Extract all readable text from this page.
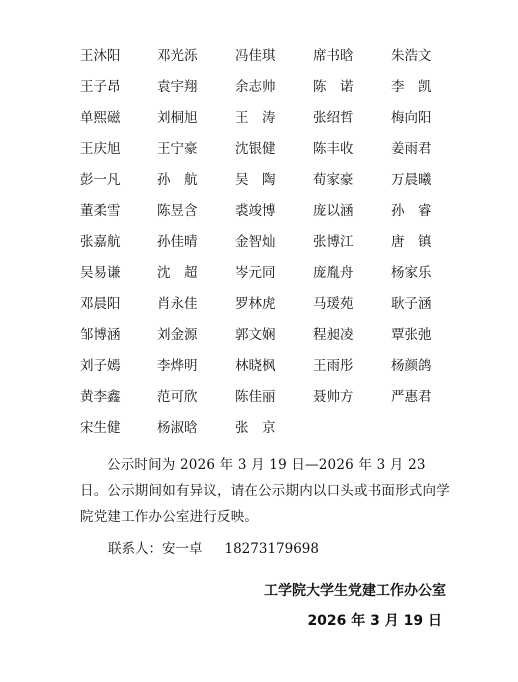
王沐阳	邓光泺	冯佳琪	席书晗	朱浩文
王子昂	袁宇翔	余志帅	陈　诺	李　凯
单熙磁	刘桐旭	王　涛	张绍哲	梅向阳
王庆旭	王宁豪	沈银健	陈丰收	姜雨君
彭一凡	孙　航	吴　陶	荀家豪	万晨曦
董柔雪	陈昱含	裘竣博	庞以涵	孙　睿
张嘉航	孙佳晴	金智灿	张博江	唐　镇
吴易谦	沈　超	岑元同	庞胤舟	杨家乐
邓晨阳	肖永佳	罗林虎	马瑗苑	耿子涵
邹博涵	刘金源	郭文娴	程昶凌	覃张弛
刘子嫣	李烨明	林晓枫	王雨彤	杨颜鸽
黄李鑫	范可欣	陈佳丽	聂帅方	严惠君
宋生健	杨淑晗	张　京

公示时间为 2026 年 3 月 19 日—2026 年 3 月 23 日。公示期间如有异议，请在公示期内以口头或书面形式向学院党建工作办公室进行反映。

联系人：安一卓 18273179698
工学院大学生党建工作办公室
2026 年 3 月 19 日
